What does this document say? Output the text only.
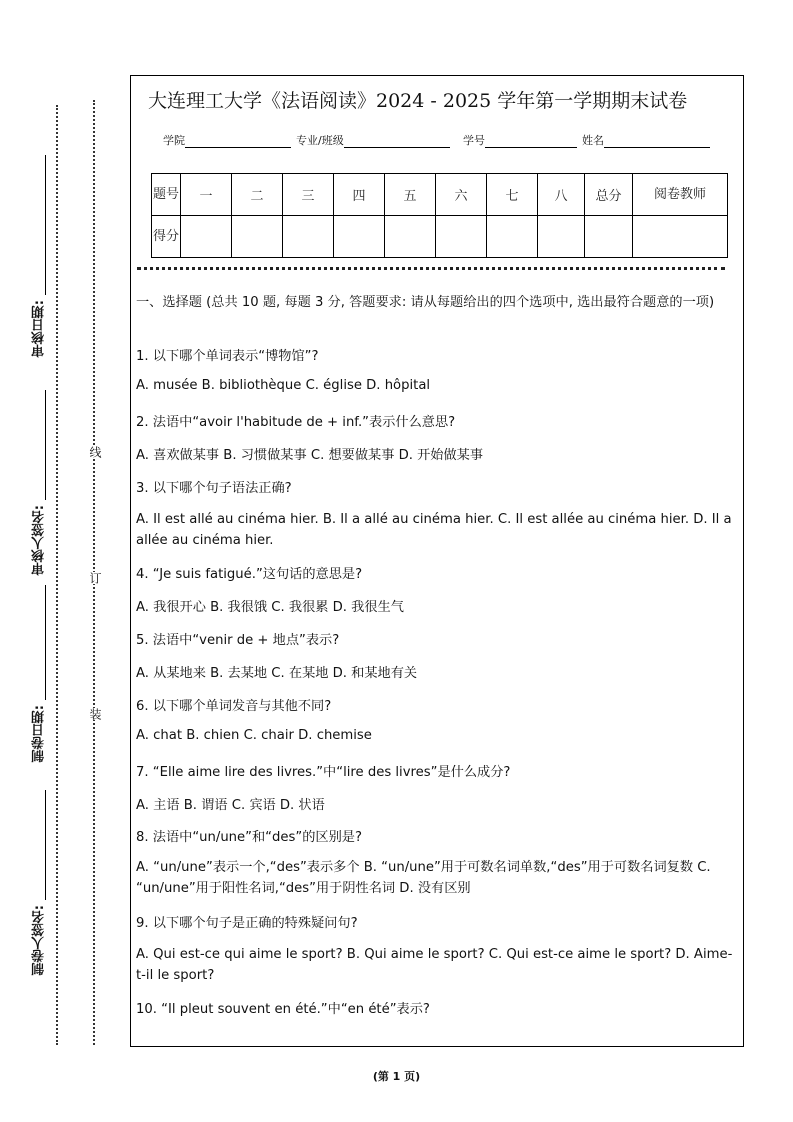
审核日期:
审核人签名:
制卷日期:
制卷人签名:
线
订
装
大连理工大学《法语阅读》2024 - 2025 学年第一学期期末试卷
学院	专业/班级	学号	姓名
题号	一	二	三	四	五	六	七	八	总分	阅卷教师
得分										
一、选择题 (总共 10 题, 每题 3 分, 答题要求: 请从每题给出的四个选项中, 选出最符合题意的一项)
1. 以下哪个单词表示“博物馆”?
A. musée B. bibliothèque C. église D. hôpital
2. 法语中“avoir l'habitude de + inf.”表示什么意思?
A. 喜欢做某事 B. 习惯做某事 C. 想要做某事 D. 开始做某事
3. 以下哪个句子语法正确?
A. Il est allé au cinéma hier. B. Il a allé au cinéma hier. C. Il est allée au cinéma hier. D. Il a allée au cinéma hier.
4. “Je suis fatigué.”这句话的意思是?
A. 我很开心 B. 我很饿 C. 我很累 D. 我很生气
5. 法语中“venir de + 地点”表示?
A. 从某地来 B. 去某地 C. 在某地 D. 和某地有关
6. 以下哪个单词发音与其他不同?
A. chat B. chien C. chair D. chemise
7. “Elle aime lire des livres.”中“lire des livres”是什么成分?
A. 主语 B. 谓语 C. 宾语 D. 状语
8. 法语中“un/une”和“des”的区别是?
A. “un/une”表示一个,“des”表示多个 B. “un/une”用于可数名词单数,“des”用于可数名词复数 C. “un/une”用于阳性名词,“des”用于阴性名词 D. 没有区别
9. 以下哪个句子是正确的特殊疑问句?
A. Qui est-ce qui aime le sport? B. Qui aime le sport? C. Qui est-ce aime le sport? D. Aime-t-il le sport?
10. “Il pleut souvent en été.”中“en été”表示?
(第 1 页)
